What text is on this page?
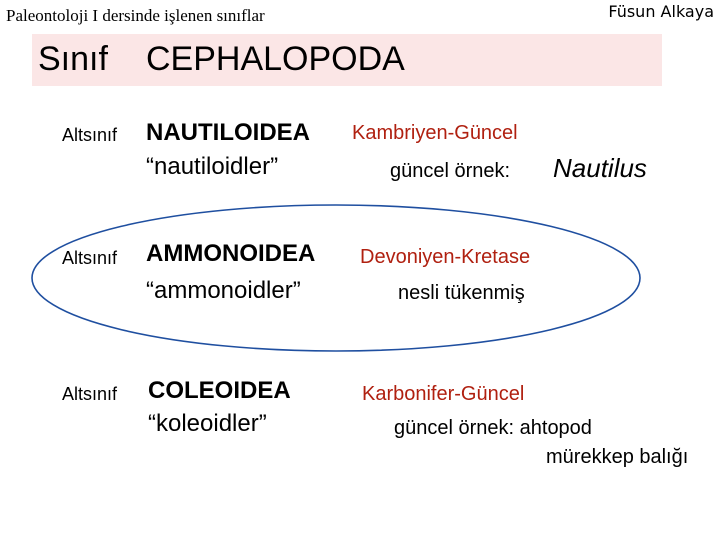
Paleontoloji I dersinde işlenen sınıflar	Füsun Alkaya
Sınıf CEPHALOPODA
Altsınıf NAUTILOIDEA Kambriyen-Güncel
“nautiloidler”	güncel örnek: Nautilus
Altsınıf AMMONOIDEA Devoniyen-Kretase
“ammonoidler”	nesli tükenmiş
Altsınıf COLEOIDEA	Karbonifer-Güncel
“koleoidler”	güncel örnek: ahtopod
mürekkep balığı
